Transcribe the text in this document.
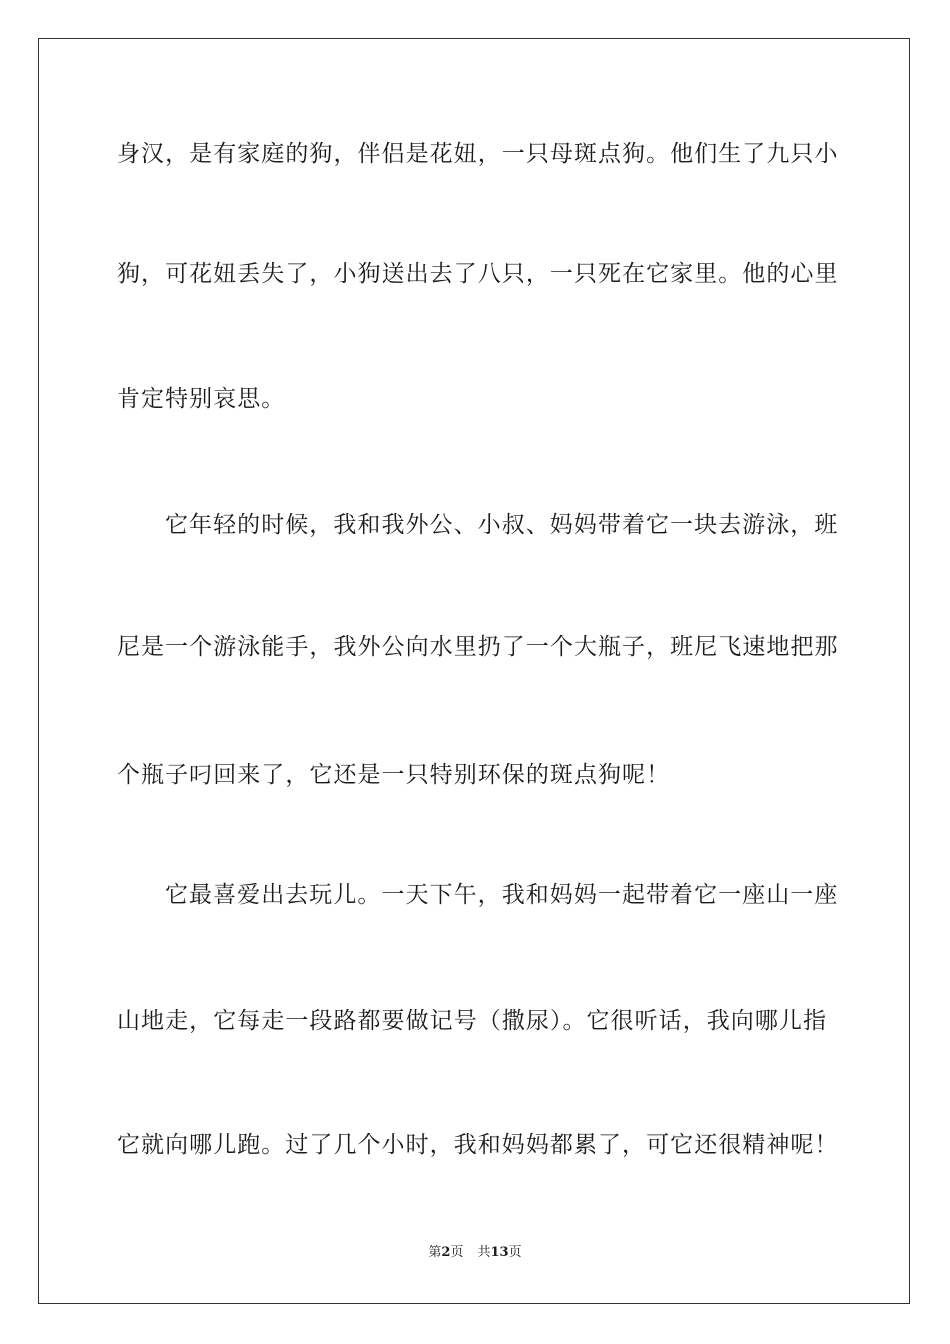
身汉，是有家庭的狗，伴侣是花妞，一只母斑点狗。他们生了九只小
狗，可花妞丢失了，小狗送出去了八只，一只死在它家里。他的心里
肯定特别哀思。
它年轻的时候，我和我外公、小叔、妈妈带着它一块去游泳，班
尼是一个游泳能手，我外公向水里扔了一个大瓶子，班尼飞速地把那
个瓶子叼回来了，它还是一只特别环保的斑点狗呢！
它最喜爱出去玩儿。一天下午，我和妈妈一起带着它一座山一座
山地走，它每走一段路都要做记号（撒尿）。它很听话，我向哪儿指
它就向哪儿跑。过了几个小时，我和妈妈都累了，可它还很精神呢！
第2页 共13页
